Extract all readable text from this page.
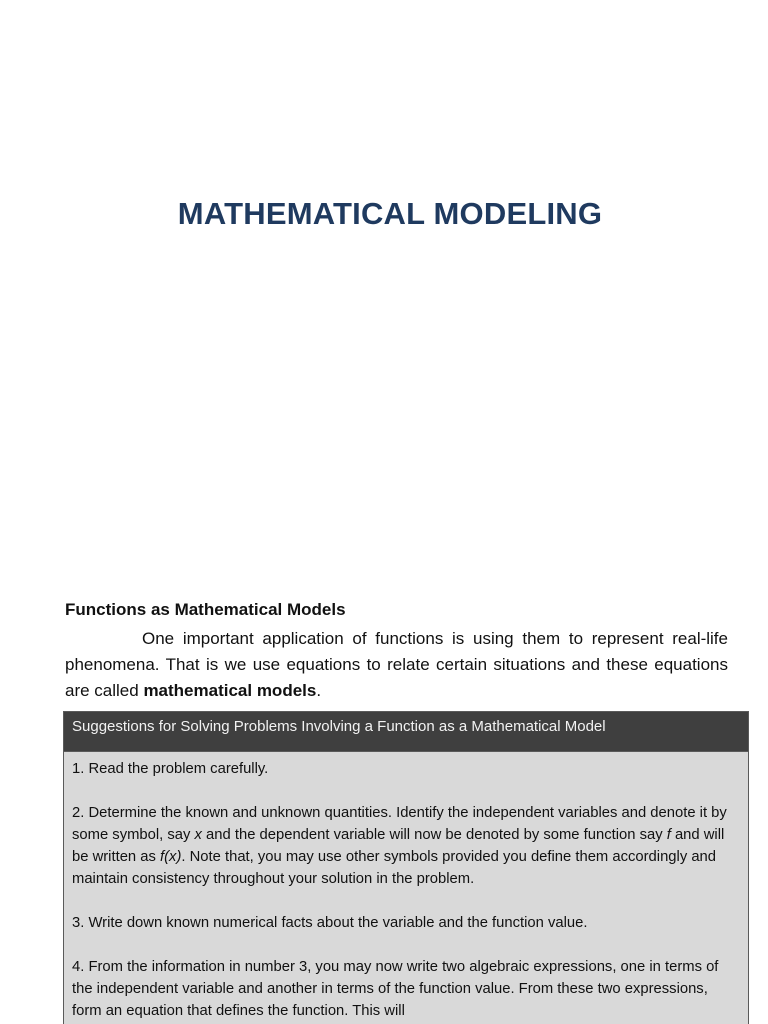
MATHEMATICAL MODELING
Functions as Mathematical Models

One important application of functions is using them to represent real-life phenomena. That is we use equations to relate certain situations and these equations are called mathematical models.

Suggestions for Solving Problems Involving a Function as a Mathematical Model

1. Read the problem carefully.

2. Determine the known and unknown quantities. Identify the independent variables and denote it by some symbol, say x and the dependent variable will now be denoted by some function say f and will be written as f(x). Note that, you may use other symbols provided you define them accordingly and maintain consistency throughout your solution in the problem.

3. Write down known numerical facts about the variable and the function value.

4. From the information in number 3, you may now write two algebraic expressions, one in terms of the independent variable and another in terms of the function value. From these two expressions, form an equation that defines the function. This will
